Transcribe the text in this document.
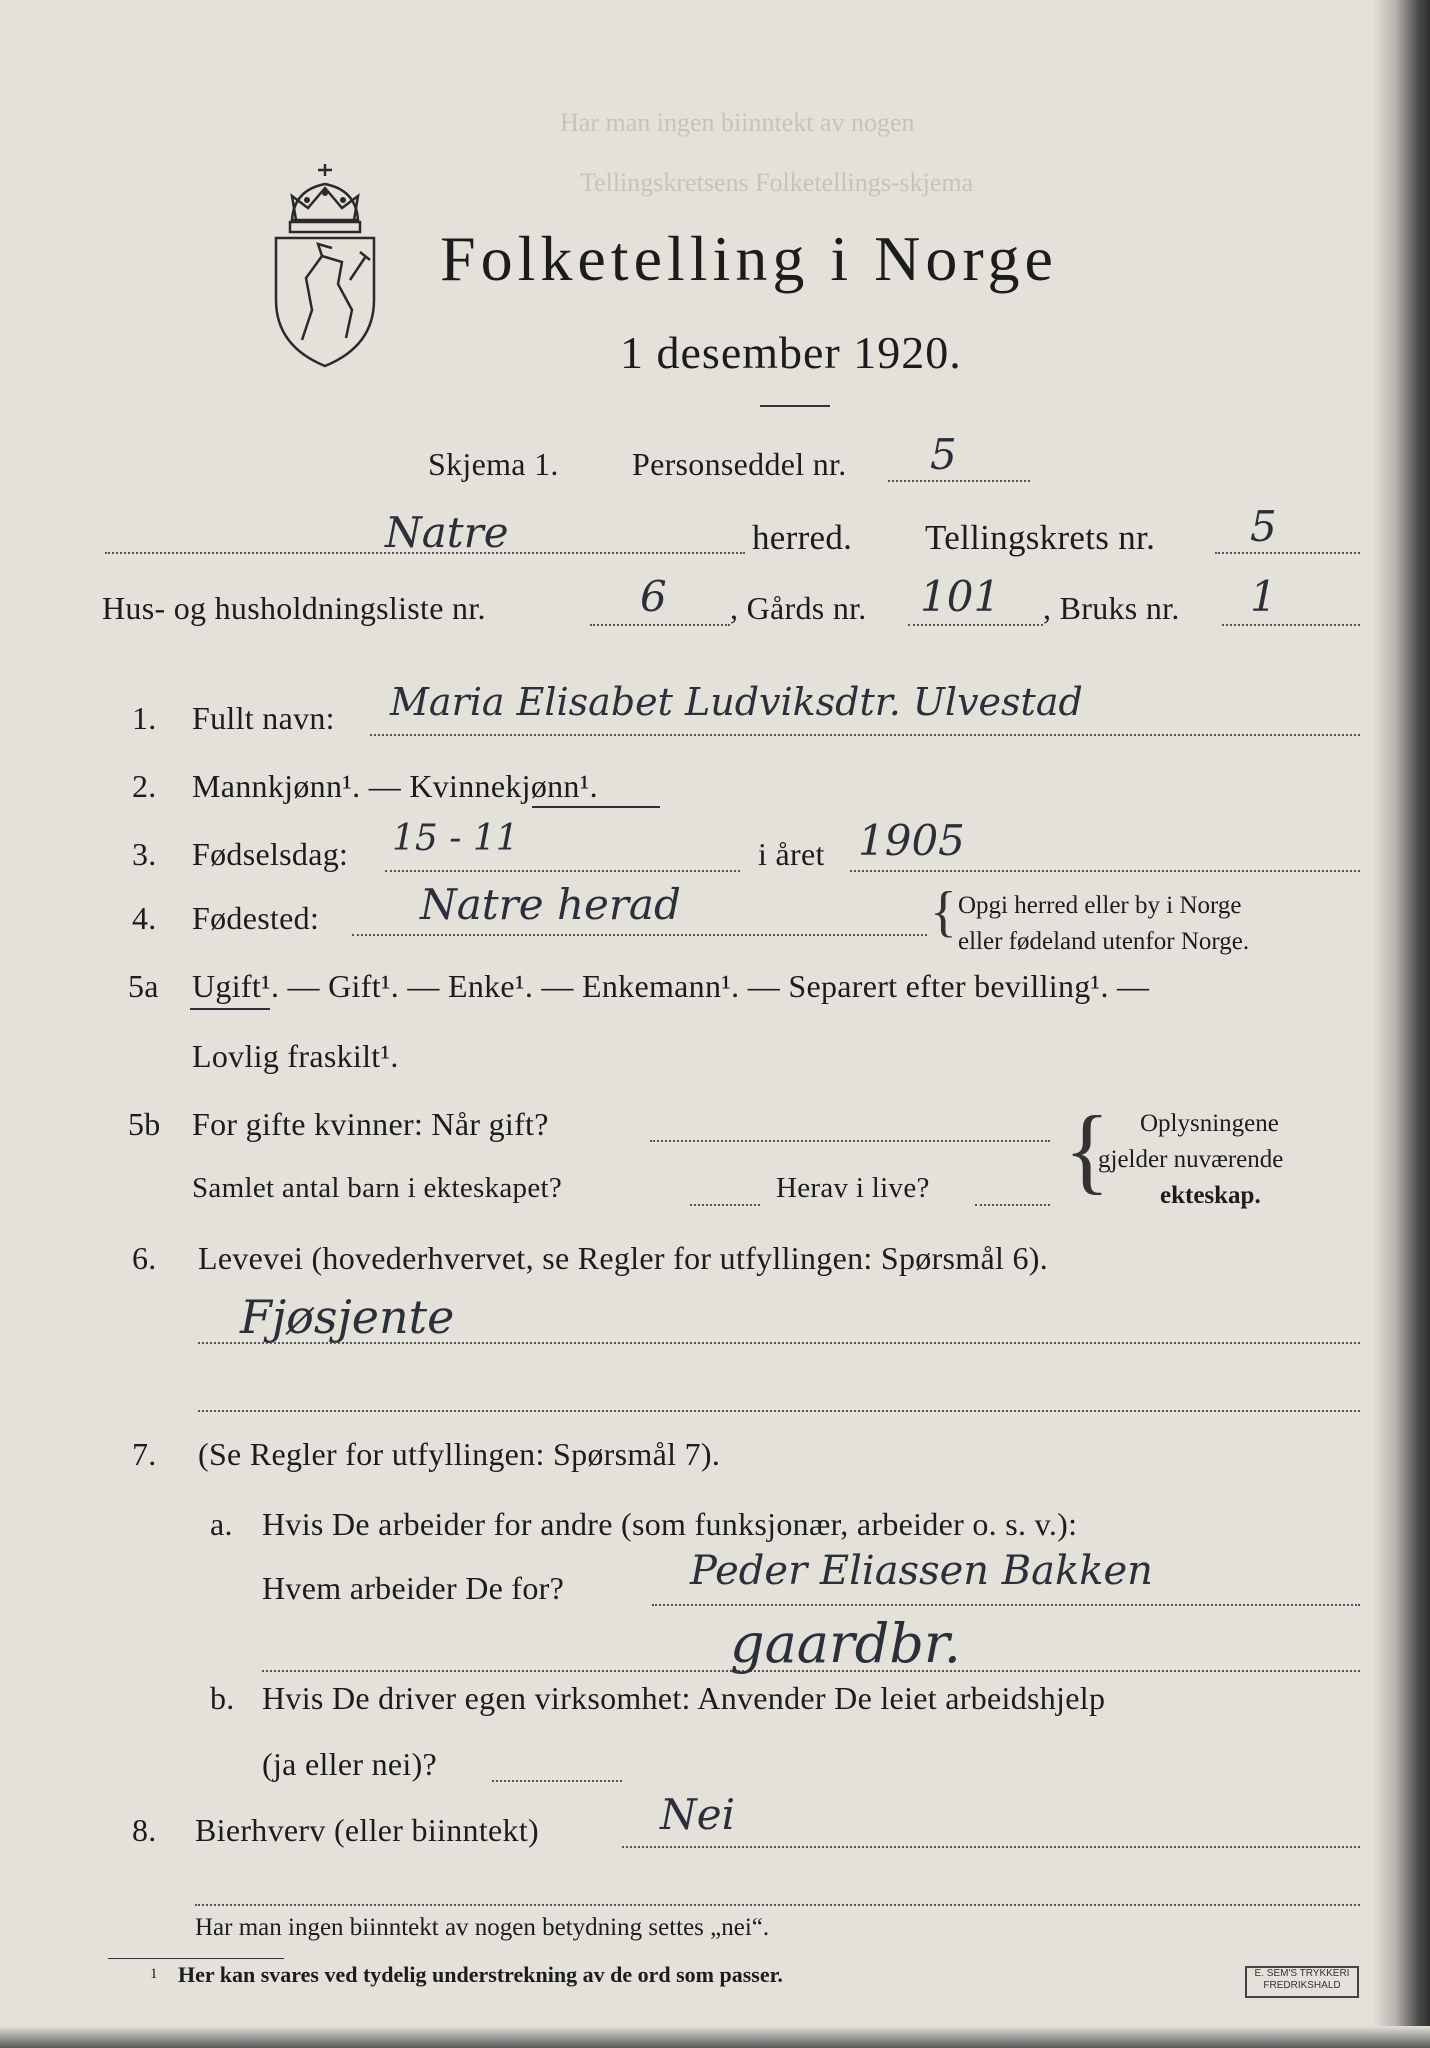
Har man ingen biinntekt av nogen
Tellingskretsens Folketellings-skjema
Folketelling i Norge
1 desember 1920.
Skjema 1. Personseddel nr. 5
Natre	herred. Tellingskrets nr. 5
Hus- og husholdningsliste nr.	6 , Gårds nr. 101 , Bruks nr. 1
1. Fullt navn: Maria Elisabet Ludviksdtr. Ulvestad
2. Mannkjønn¹. — Kvinnekjønn¹.
3. Fødselsdag: 15 - 11	i året 1905
4. Fødested: Natre herad	{ Opgi herred eller by i Norge
eller fødeland utenfor Norge.
5a Ugift¹. — Gift¹. — Enke¹. — Enkemann¹. — Separert efter bevilling¹. —
Lovlig fraskilt¹.
5b For gifte kvinner: Når gift?
Samlet antal barn i ekteskapet?	Herav i live? { Oplysningene
gjelder nuværende
ekteskap.
6. Levevei (hovederhvervet, se Regler for utfyllingen: Spørsmål 6).
Fjøsjente
7. (Se Regler for utfyllingen: Spørsmål 7).
a. Hvis De arbeider for andre (som funksjonær, arbeider o. s. v.):
Hvem arbeider De for?	Peder Eliassen Bakken
gaardbr.
b. Hvis De driver egen virksomhet: Anvender De leiet arbeidshjelp
(ja eller nei)?
8. Bierhverv (eller biinntekt)	Nei
Har man ingen biinntekt av nogen betydning settes „nei“.
1 Her kan svares ved tydelig understrekning av de ord som passer.	E. SEM'S TRYKKERI FREDRIKSHALD
